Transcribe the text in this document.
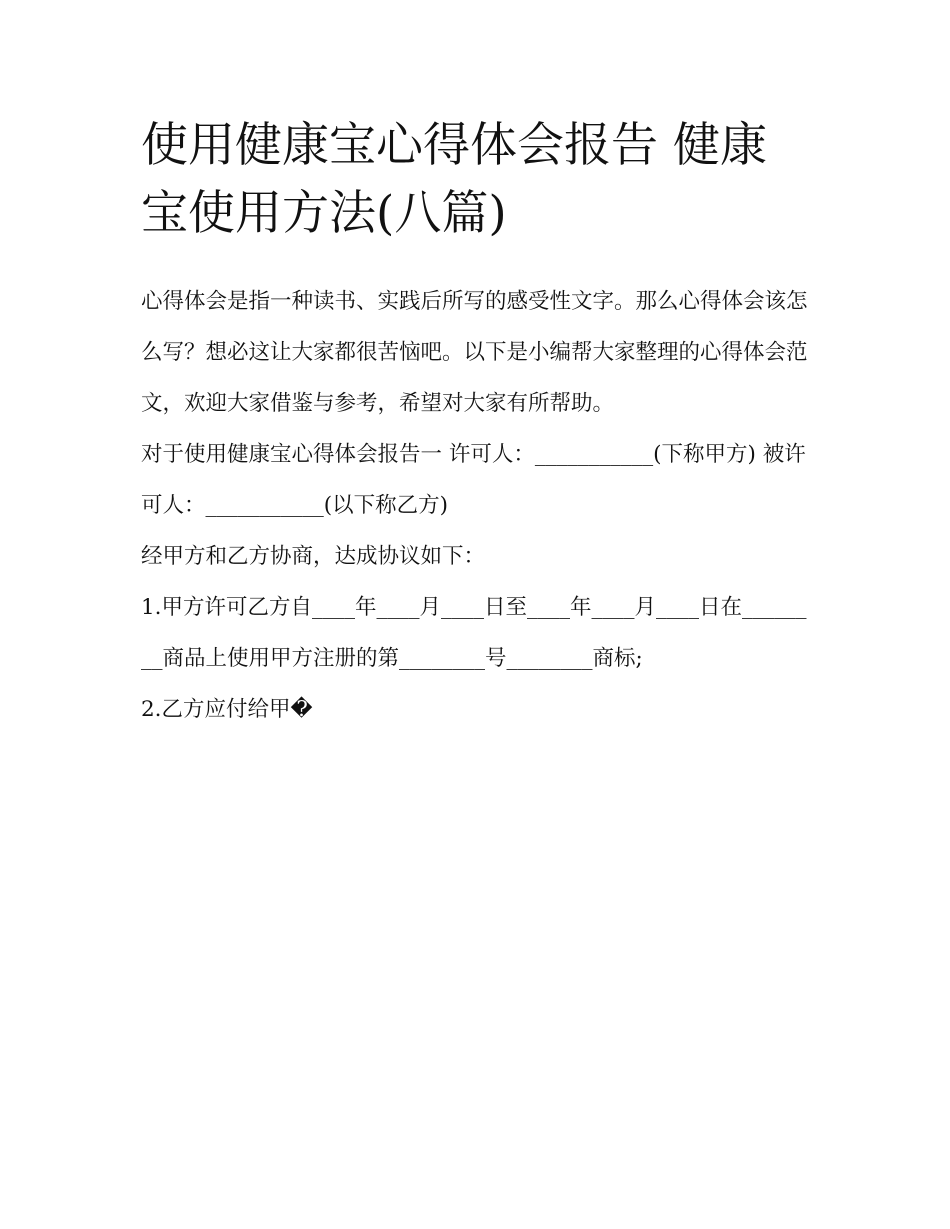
使用健康宝心得体会报告 健康宝使用方法(八篇)

心得体会是指一种读书、实践后所写的感受性文字。那么心得体会该怎么写？想必这让大家都很苦恼吧。以下是小编帮大家整理的心得体会范文，欢迎大家借鉴与参考，希望对大家有所帮助。

对于使用健康宝心得体会报告一 许可人：___________(下称甲方) 被许可人：___________(以下称乙方)

经甲方和乙方协商，达成协议如下：

1.甲方许可乙方自____年____月____日至____年____月____日在________商品上使用甲方注册的第________号________商标;

2.乙方应付给甲�
